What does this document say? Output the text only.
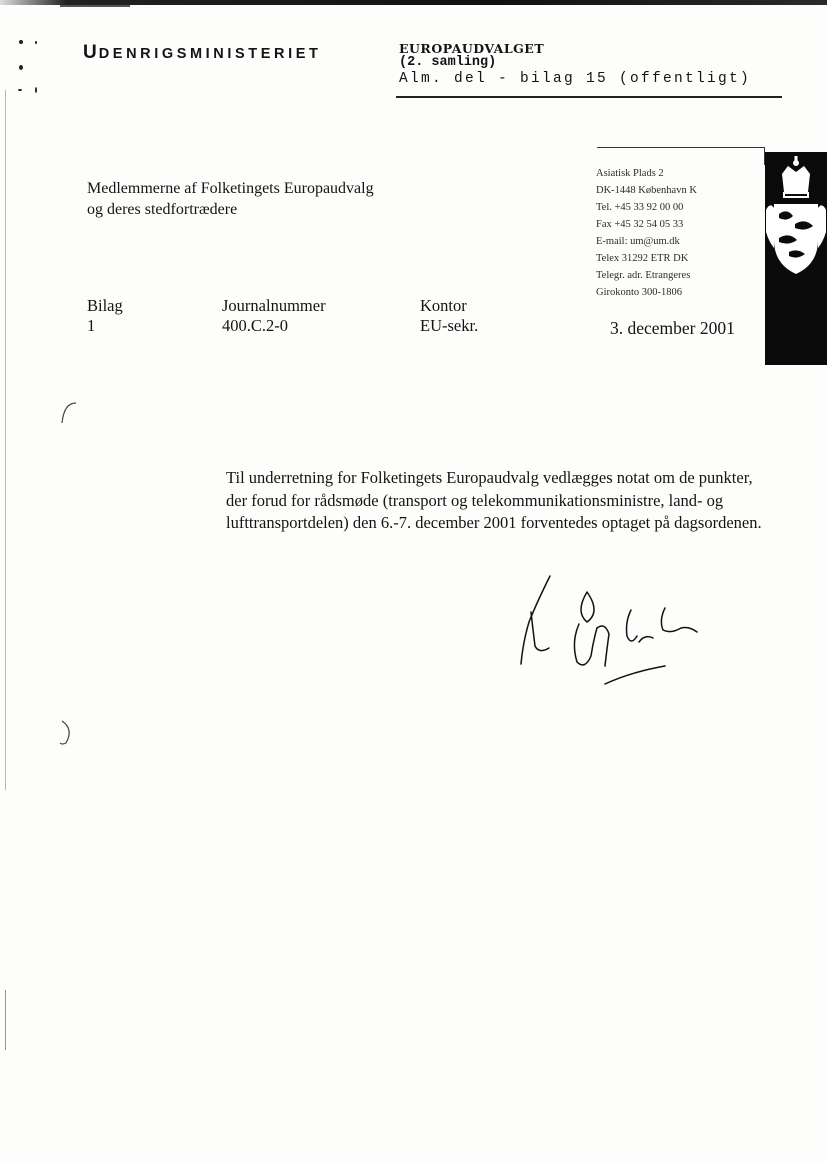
UDENRIGSMINISTERIET	EUROPAUDVALGET
(2. samling)
Alm. del - bilag 15 (offentligt)
Asiatisk Plads 2
DK-1448 København K
Tel. +45 33 92 00 00
Fax +45 32 54 05 33
E-mail: um@um.dk
Telex 31292 ETR DK
Telegr. adr. Etrangeres
Girokonto 300-1806
Medlemmerne af Folketingets Europaudvalg
og deres stedfortrædere
Bilag
1
Journalnummer
400.C.2-0
Kontor
EU-sekr.	3. december 2001
Til underretning for Folketingets Europaudvalg vedlægges notat om de punkter, der forud for rådsmøde (transport og telekommunikationsministre, land- og lufttransportdelen) den 6.-7. december 2001 forventedes optaget på dagsordenen.
